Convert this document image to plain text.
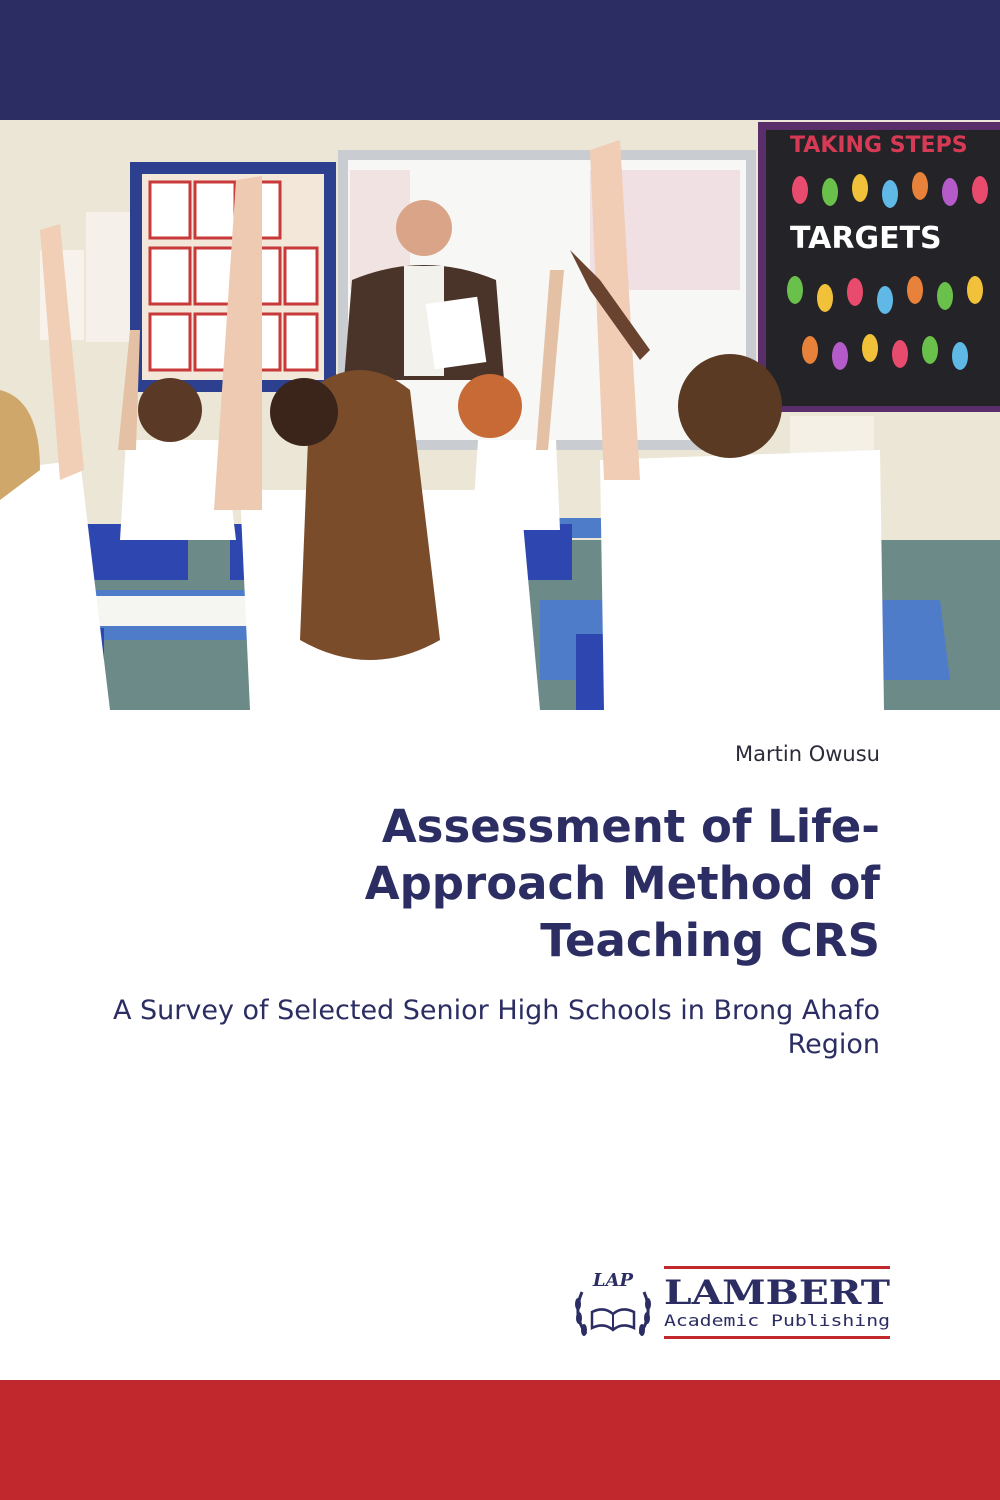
TAKING STEPS
TARGETS
Martin Owusu
Assessment of Life-Approach Method of Teaching CRS
A Survey of Selected Senior High Schools in Brong Ahafo Region
LAP LAMBERT
Academic Publishing
